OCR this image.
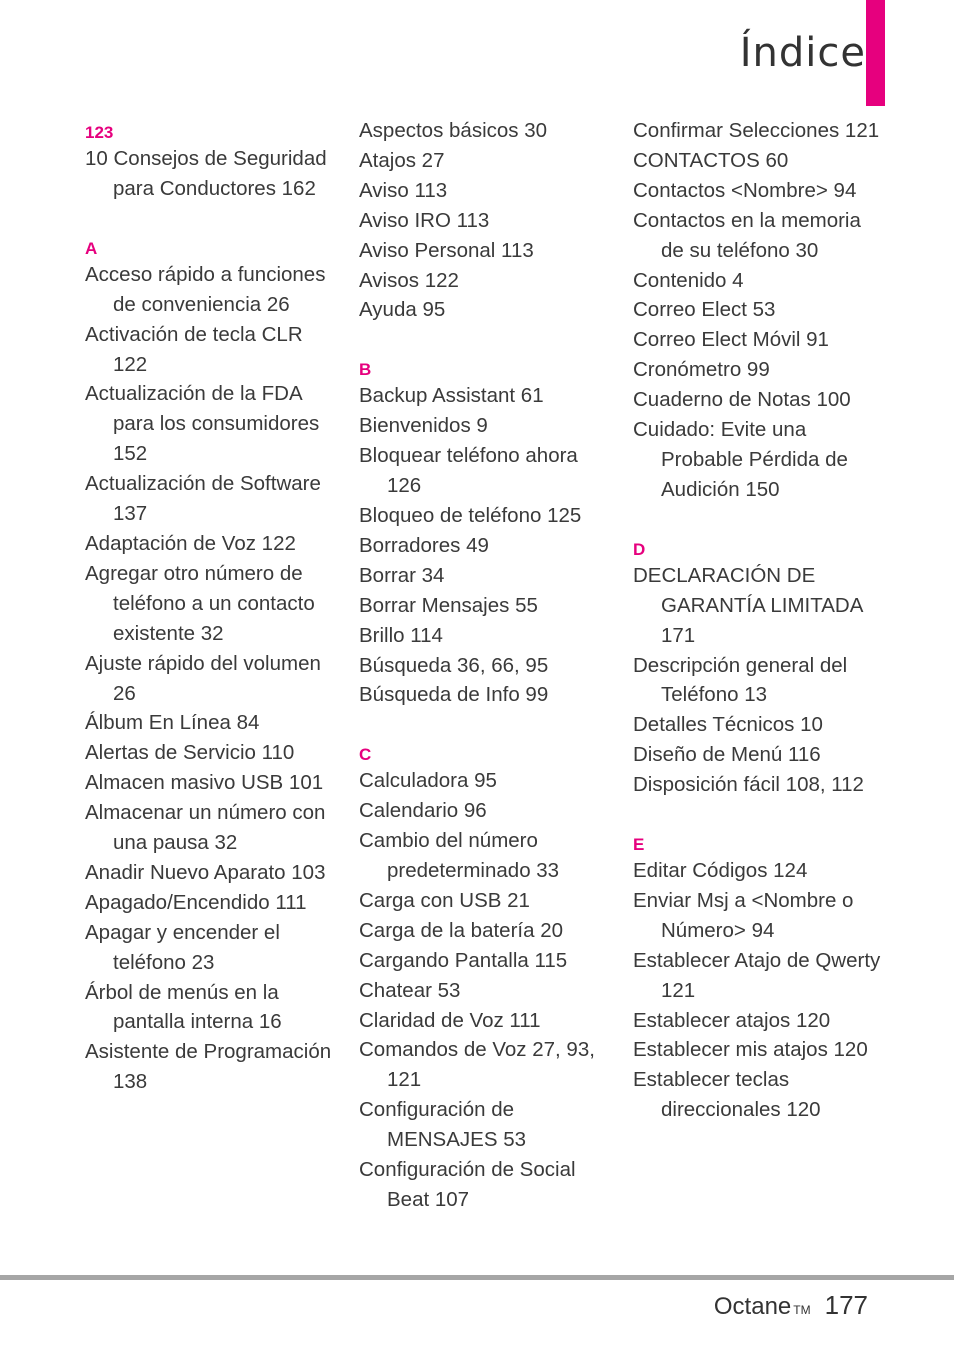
Índice
123
10 Consejos de Seguridad para Conductores 162
A
Acceso rápido a funciones de conveniencia 26
Activación de tecla CLR 122
Actualización de la FDA para los consumidores 152
Actualización de Software 137
Adaptación de Voz 122
Agregar otro número de teléfono a un contacto existente 32
Ajuste rápido del volumen 26
Álbum En Línea 84
Alertas de Servicio 110
Almacen masivo USB 101
Almacenar un número con una pausa 32
Anadir Nuevo Aparato 103
Apagado/Encendido 111
Apagar y encender el teléfono 23
Árbol de menús en la pantalla interna 16
Asistente de Programación 138
Aspectos básicos 30
Atajos 27
Aviso 113
Aviso IRO 113
Aviso Personal 113
Avisos 122
Ayuda 95
B
Backup Assistant 61
Bienvenidos 9
Bloquear teléfono ahora 126
Bloqueo de teléfono 125
Borradores 49
Borrar 34
Borrar Mensajes 55
Brillo 114
Búsqueda 36, 66, 95
Búsqueda de Info 99
C
Calculadora 95
Calendario 96
Cambio del número predeterminado 33
Carga con USB 21
Carga de la batería 20
Cargando Pantalla 115
Chatear 53
Claridad de Voz 111
Comandos de Voz 27, 93, 121
Configuración de MENSAJES 53
Configuración de Social Beat 107
Confirmar Selecciones 121
CONTACTOS 60
Contactos <Nombre> 94
Contactos en la memoria de su teléfono 30
Contenido 4
Correo Elect 53
Correo Elect Móvil 91
Cronómetro 99
Cuaderno de Notas 100
Cuidado: Evite una Probable Pérdida de Audición 150
D
DECLARACIÓN DE GARANTÍA LIMITADA 171
Descripción general del Teléfono 13
Detalles Técnicos 10
Diseño de Menú 116
Disposición fácil 108, 112
E
Editar Códigos 124
Enviar Msj a <Nombre o Número> 94
Establecer Atajo de Qwerty 121
Establecer atajos 120
Establecer mis atajos 120
Establecer teclas direccionales 120
Octane TM 177
